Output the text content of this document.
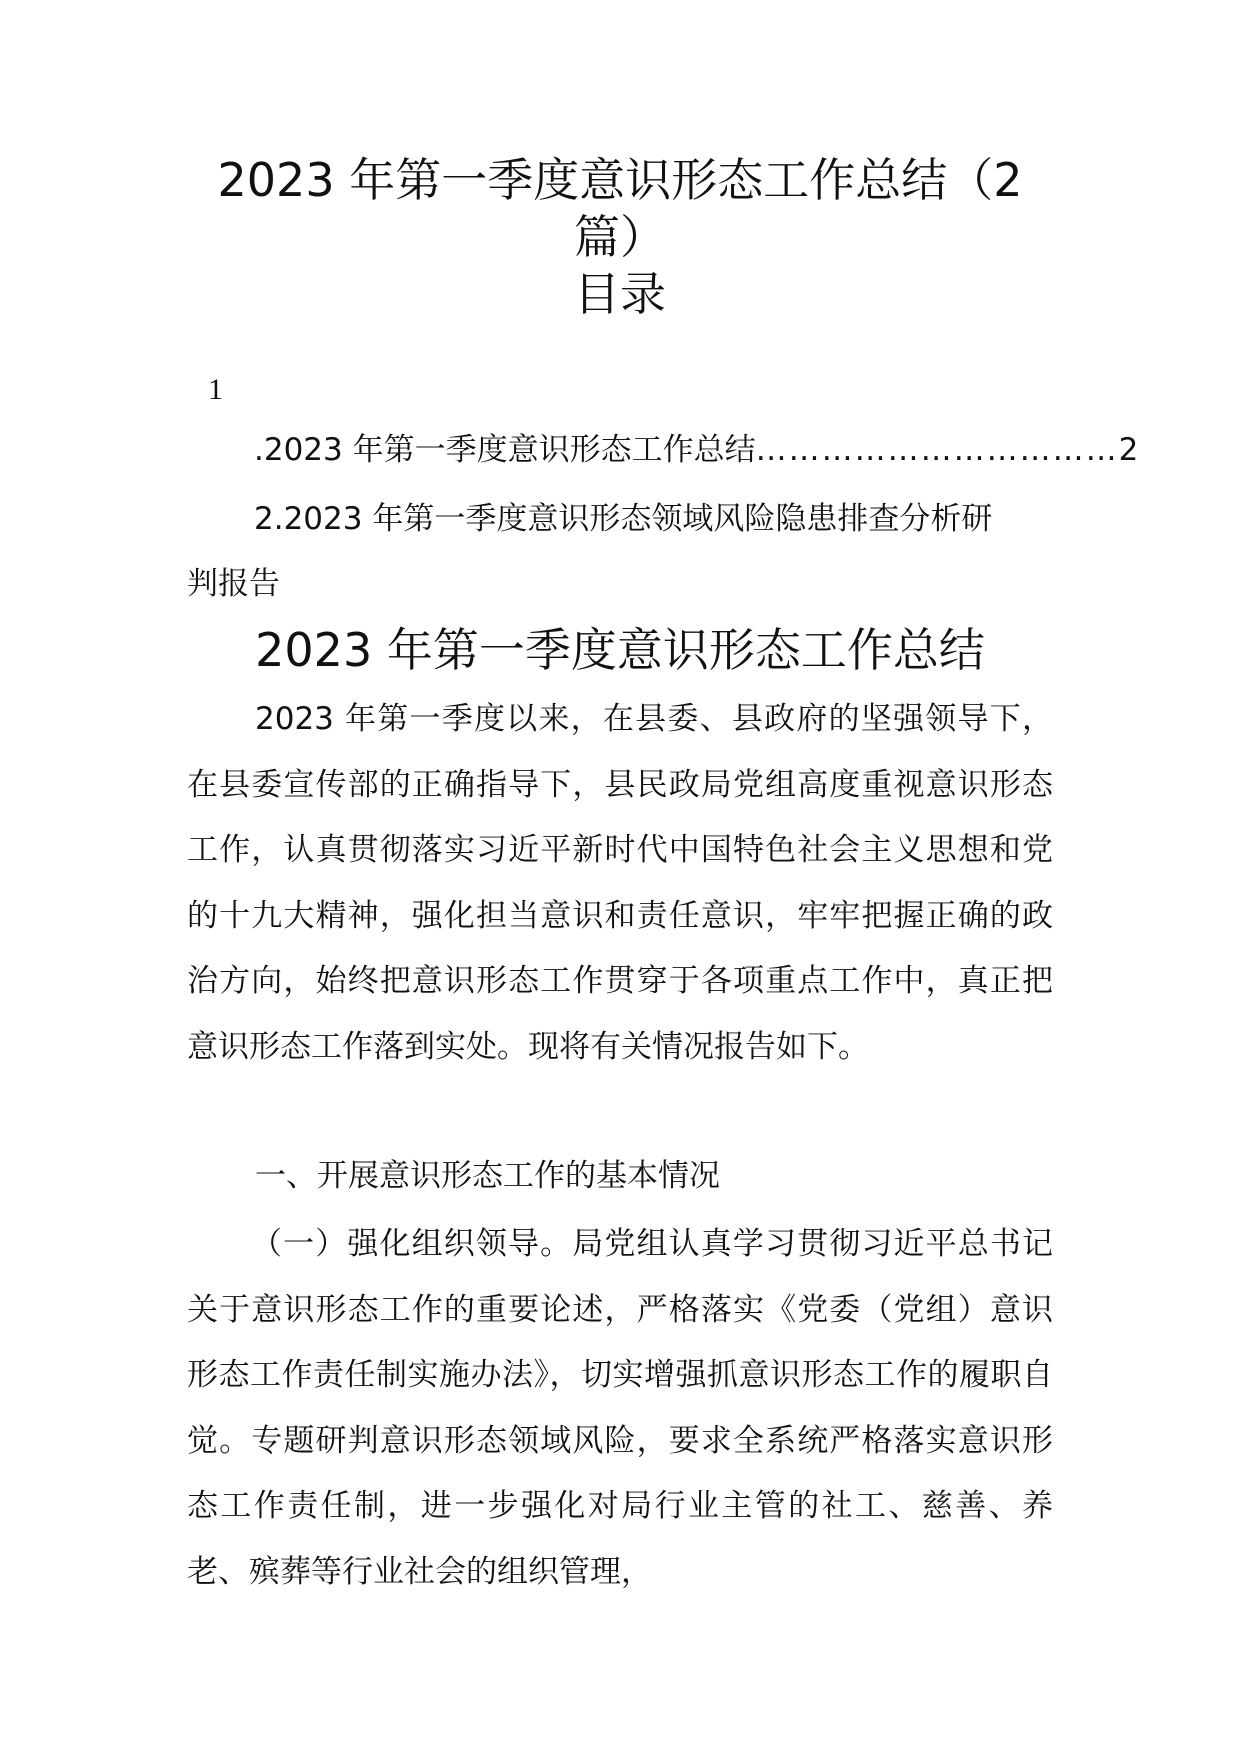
2023 年第一季度意识形态工作总结（2
篇）
目录
1
.2023 年第一季度意识形态工作总结 …………………………… 2
2.2023 年第一季度意识形态领域风险隐患排查分析研
判报告
2023 年第一季度意识形态工作总结

2023 年第一季度以来，在县委、县政府的坚强领导下，在县委宣传部的正确指导下，县民政局党组高度重视意识形态工作，认真贯彻落实习近平新时代中国特色社会主义思想和党的十九大精神，强化担当意识和责任意识，牢牢把握正确的政治方向，始终把意识形态工作贯穿于各项重点工作中，真正把意识形态工作落到实处。现将有关情况报告如下。

一、开展意识形态工作的基本情况

（一）强化组织领导。局党组认真学习贯彻习近平总书记关于意识形态工作的重要论述，严格落实《党委（党组）意识形态工作责任制实施办法》，切实增强抓意识形态工作的履职自觉。专题研判意识形态领域风险，要求全系统严格落实意识形态工作责任制，进一步强化对局行业主管的社工、慈善、养老、殡葬等行业社会的组织管理，
